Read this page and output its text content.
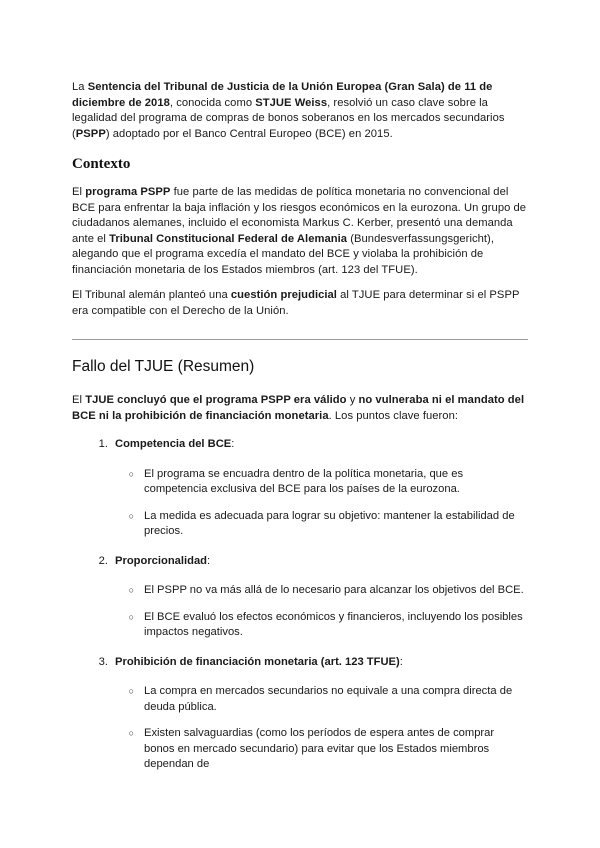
La Sentencia del Tribunal de Justicia de la Unión Europea (Gran Sala) de 11 de diciembre de 2018, conocida como STJUE Weiss, resolvió un caso clave sobre la legalidad del programa de compras de bonos soberanos en los mercados secundarios (PSPP) adoptado por el Banco Central Europeo (BCE) en 2015.

Contexto

El programa PSPP fue parte de las medidas de política monetaria no convencional del BCE para enfrentar la baja inflación y los riesgos económicos en la eurozona. Un grupo de ciudadanos alemanes, incluido el economista Markus C. Kerber, presentó una demanda ante el Tribunal Constitucional Federal de Alemania (Bundesverfassungsgericht), alegando que el programa excedía el mandato del BCE y violaba la prohibición de financiación monetaria de los Estados miembros (art. 123 del TFUE).

El Tribunal alemán planteó una cuestión prejudicial al TJUE para determinar si el PSPP era compatible con el Derecho de la Unión.

Fallo del TJUE (Resumen)

El TJUE concluyó que el programa PSPP era válido y no vulneraba ni el mandato del BCE ni la prohibición de financiación monetaria. Los puntos clave fueron:

1. Competencia del BCE:
○ El programa se encuadra dentro de la política monetaria, que es competencia exclusiva del BCE para los países de la eurozona.
○ La medida es adecuada para lograr su objetivo: mantener la estabilidad de precios.
2. Proporcionalidad:
○ El PSPP no va más allá de lo necesario para alcanzar los objetivos del BCE.
○ El BCE evaluó los efectos económicos y financieros, incluyendo los posibles impactos negativos.
3. Prohibición de financiación monetaria (art. 123 TFUE):
○ La compra en mercados secundarios no equivale a una compra directa de deuda pública.
○ Existen salvaguardias (como los períodos de espera antes de comprar bonos en mercado secundario) para evitar que los Estados miembros dependan de
